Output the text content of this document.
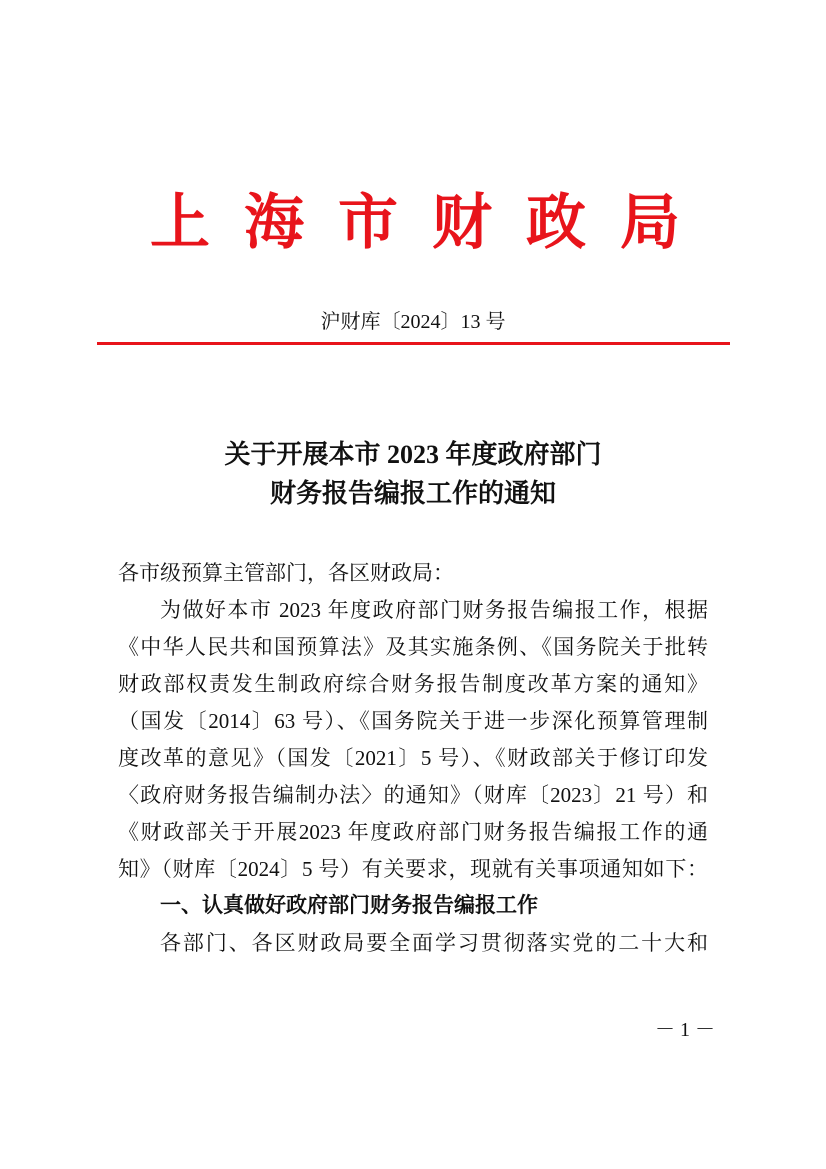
上 海 市 财 政 局
沪财库〔2024〕13 号
关于开展本市 2023 年度政府部门
财务报告编报工作的通知
各市级预算主管部门，各区财政局：
为做好本市 2023 年度政府部门财务报告编报工作，根据
《中华人民共和国预算法》及其实施条例、《国务院关于批转
财政部权责发生制政府综合财务报告制度改革方案的通知》
（国发〔2014〕63 号）、《国务院关于进一步深化预算管理制
度改革的意见》（国发〔2021〕5 号）、《财政部关于修订印发
〈政府财务报告编制办法〉的通知》（财库〔2023〕21 号）和
《财政部关于开展2023 年度政府部门财务报告编报工作的通
知》（财库〔2024〕5 号）有关要求，现就有关事项通知如下：
一、认真做好政府部门财务报告编报工作
各部门、各区财政局要全面学习贯彻落实党的二十大和
－ 1 －
